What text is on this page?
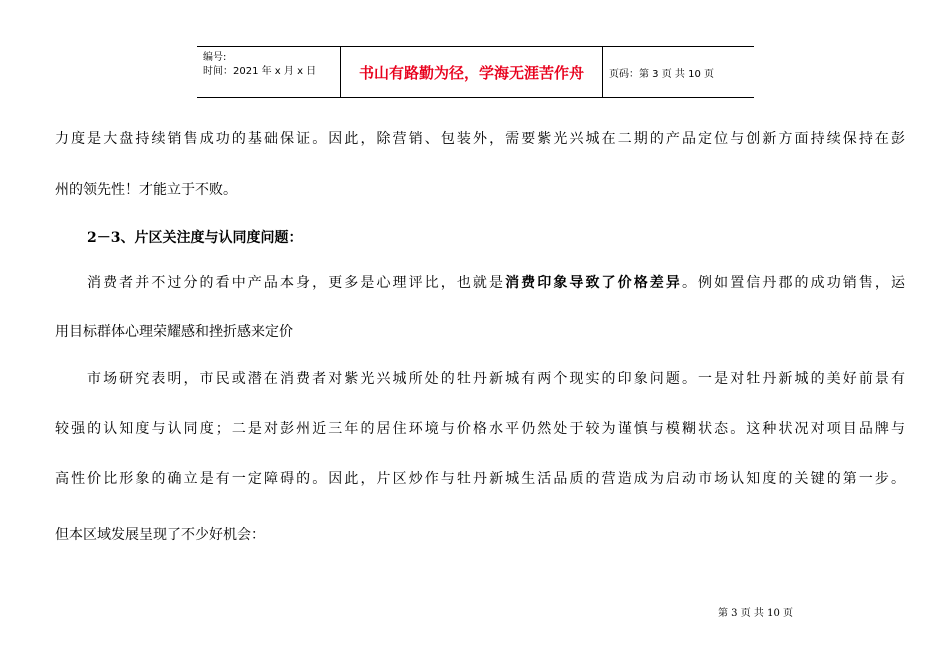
编号:
时间：2021 年 x 月 x 日	书山有路勤为径，学海无涯苦作舟	页码：第 3 页 共 10 页
力度是大盘持续销售成功的基础保证。因此，除营销、包装外，需要紫光兴城在二期的产品定位与创新方面持续保持在彭
州的领先性！才能立于不败。
2－3、片区关注度与认同度问题：
消费者并不过分的看中产品本身，更多是心理评比，也就是消费印象导致了价格差异。例如置信丹郡的成功销售，运
用目标群体心理荣耀感和挫折感来定价
市场研究表明，市民或潜在消费者对紫光兴城所处的牡丹新城有两个现实的印象问题。一是对牡丹新城的美好前景有
较强的认知度与认同度；二是对彭州近三年的居住环境与价格水平仍然处于较为谨慎与模糊状态。这种状况对项目品牌与
高性价比形象的确立是有一定障碍的。因此，片区炒作与牡丹新城生活品质的营造成为启动市场认知度的关键的第一步。
但本区域发展呈现了不少好机会：
第 3 页 共 10 页
